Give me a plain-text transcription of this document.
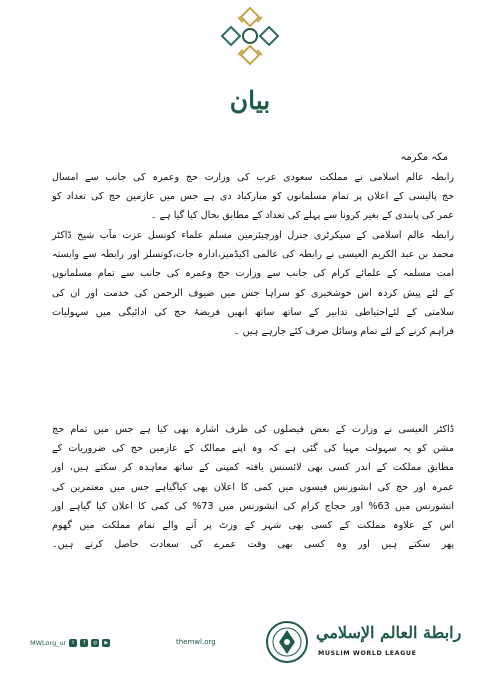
بیان
مکہ مکرمہ
رابطہ عالم اسلامی نے مملکت سعودی عرب کی وزارت حج وعمرہ کی جانب سے امسال
حج پالیسی کے اعلان پر تمام مسلمانوں کو مبارکباد دی ہے جس میں عازمین حج کی تعداد کو
عمر کی پابندی کے بغیر کرونا سے پہلے کی تعداد کے مطابق بحال کیا گیا ہے ۔
رابطہ عالم اسلامی کے سیکرٹری جنرل اورچیئرمین مسلم علماء کونسل عزت مآب شیخ ڈاکٹر
محمد بن عبد الکریم العیسی نے رابطہ کی عالمی اکیڈمیز،ادارہ جات،کونسلز اور رابطہ سے وابستہ
امت مسلمہ کے علمائے کرام کی جانب سے وزارت حج وعمرہ کی جانب سے تمام مسلمانوں
کے لئے پیش کردہ اس خوشخبری کو سراہا جس میں ضیوف الرحمن کی خدمت اور ان کی
سلامتی کے لئےاحتیاطی تدابیر کے ساتھ ساتھ انھیں فریضۂ حج کی ادائیگی میں سہولیات
فراہم کرنے کے لئے تمام وسائل صرف کئے جارہے ہیں ۔
ڈاکٹر العیسی نے وزارت کے بعض فیصلوں کی طرف اشارہ بھی کیا ہے جس میں تمام حج
مشن کو یہ سہولت مہیا کی گئی ہے کہ وہ اپنے ممالک کے عازمین حج کی ضروریات کے
مطابق مملکت کے اندر کسی بھی لائسنس یافتہ کمپنی کے ساتھ معاہدہ کر سکتے ہیں، اور
عمرہ اور حج کی انشورنس فیسوں میں کمی کا اعلان بھی کیاگیاہے جس میں معتمرین کی
انشورنس میں 63% اور حجاج کرام کی انشورنس میں 73% کی کمی کا اعلان کیا گیاہے اور
اس کے علاوہ مملکت کے کسی بھی شہر کے وزٹ پر آنے والے تمام مملکت میں گھوم
پھر سکتے ہیں اور وہ کسی بھی وقت عمرے کی سعادت حاصل کرتے ہیں۔
MWLorg_ur	t	f	◎	▶	themwl.org	رابطة العالم الإسلامي
MUSLIM WORLD LEAGUE
